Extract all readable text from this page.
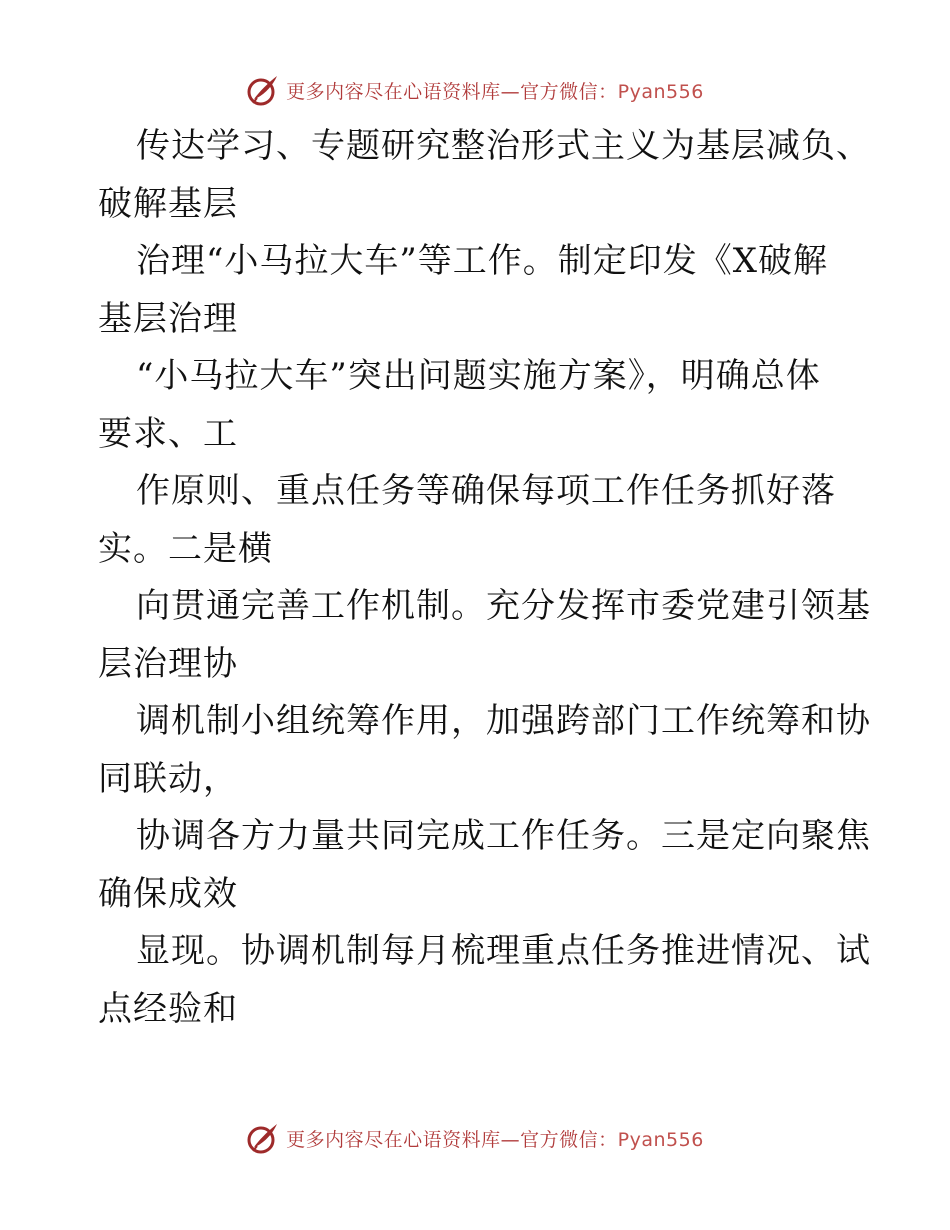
更多内容尽在心语资料库—官方微信：Pyan556
传达学习、专题研究整治形式主义为基层减负、
破解基层
治理“小马拉大车”等工作。制定印发《X破解
基层治理
“小马拉大车”突出问题实施方案》，明确总体
要求、工
作原则、重点任务等确保每项工作任务抓好落
实。二是横
向贯通完善工作机制。充分发挥市委党建引领基
层治理协
调机制小组统筹作用，加强跨部门工作统筹和协
同联动，
协调各方力量共同完成工作任务。三是定向聚焦
确保成效
显现。协调机制每月梳理重点任务推进情况、试
点经验和
更多内容尽在心语资料库—官方微信：Pyan556
